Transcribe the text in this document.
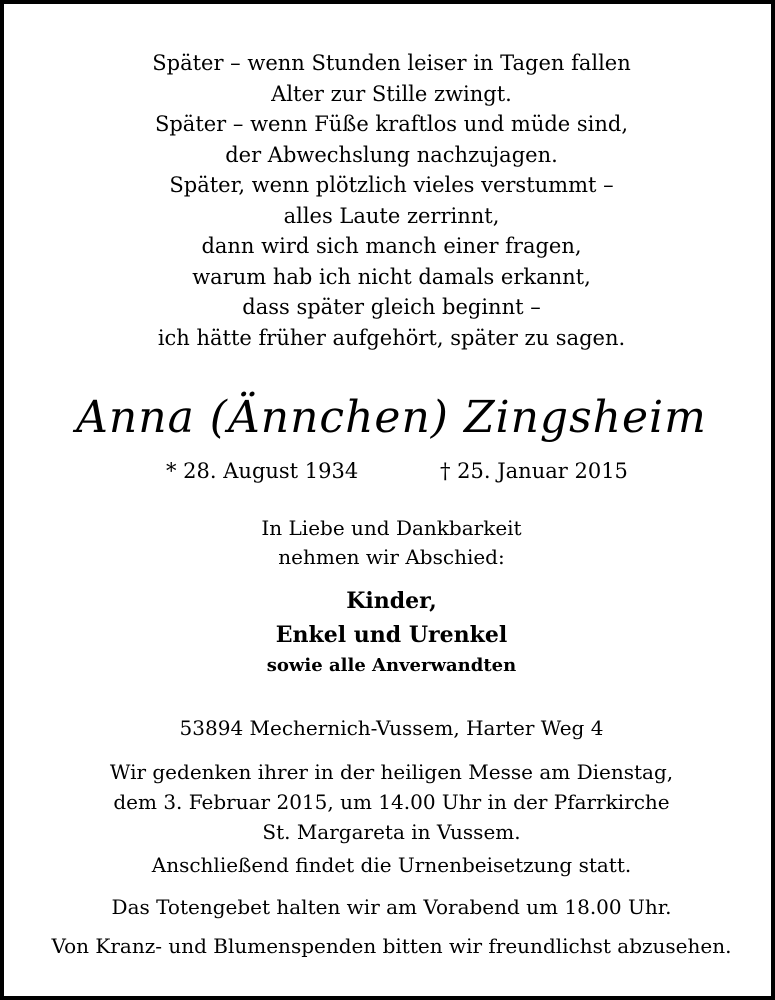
Später – wenn Stunden leiser in Tagen fallen
Alter zur Stille zwingt.
Später – wenn Füße kraftlos und müde sind,
der Abwechslung nachzujagen.
Später, wenn plötzlich vieles verstummt –
alles Laute zerrinnt,
dann wird sich manch einer fragen,
warum hab ich nicht damals erkannt,
dass später gleich beginnt –
ich hätte früher aufgehört, später zu sagen.
Anna (Ännchen) Zingsheim
* 28. August 1934	† 25. Januar 2015
In Liebe und Dankbarkeit
nehmen wir Abschied:
Kinder,
Enkel und Urenkel
sowie alle Anverwandten
53894 Mechernich-Vussem, Harter Weg 4
Wir gedenken ihrer in der heiligen Messe am Dienstag,
dem 3. Februar 2015, um 14.00 Uhr in der Pfarrkirche
St. Margareta in Vussem.
Anschließend findet die Urnenbeisetzung statt.
Das Totengebet halten wir am Vorabend um 18.00 Uhr.
Von Kranz- und Blumenspenden bitten wir freundlichst abzusehen.
